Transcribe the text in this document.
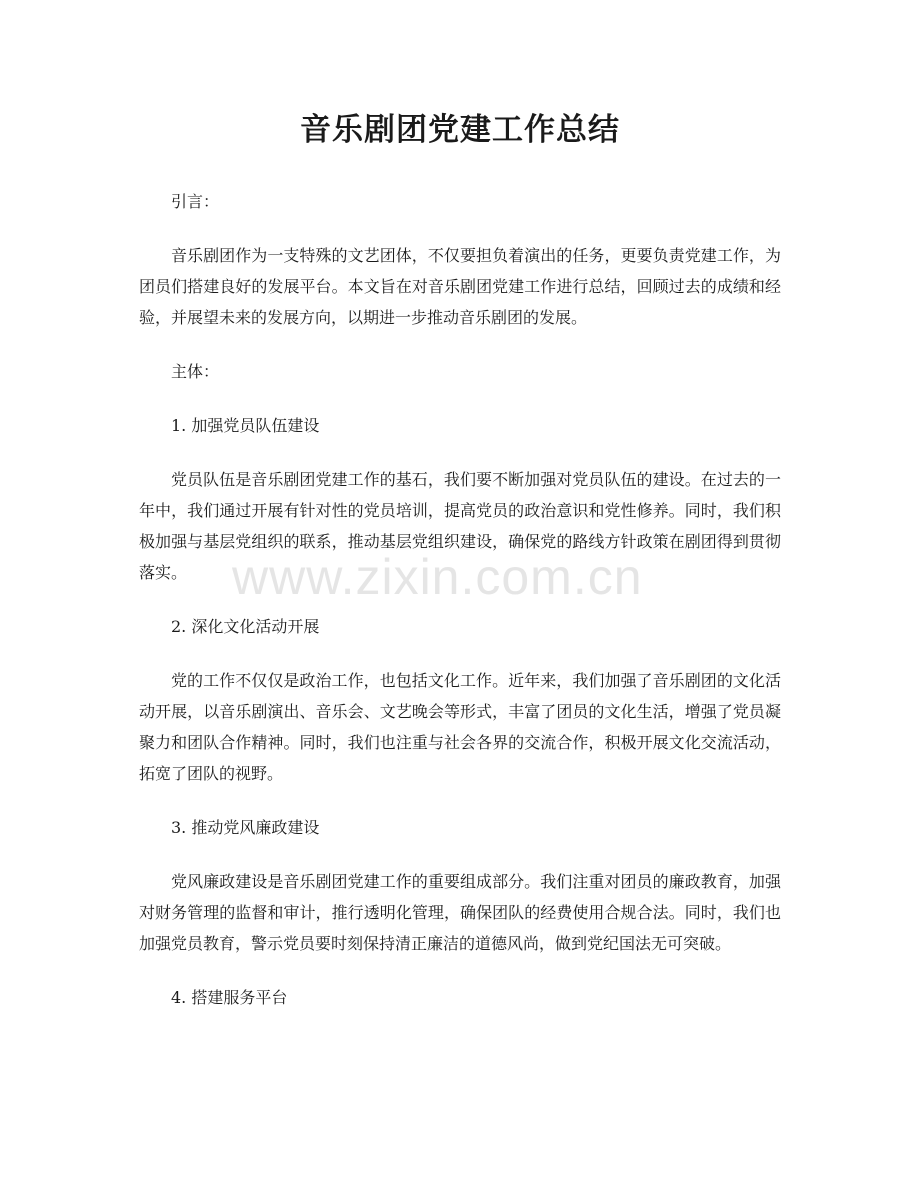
音乐剧团党建工作总结

引言：

音乐剧团作为一支特殊的文艺团体，不仅要担负着演出的任务，更要负责党建工作，为团员们搭建良好的发展平台。本文旨在对音乐剧团党建工作进行总结，回顾过去的成绩和经验，并展望未来的发展方向，以期进一步推动音乐剧团的发展。

主体：

1. 加强党员队伍建设

党员队伍是音乐剧团党建工作的基石，我们要不断加强对党员队伍的建设。在过去的一年中，我们通过开展有针对性的党员培训，提高党员的政治意识和党性修养。同时，我们积极加强与基层党组织的联系，推动基层党组织建设，确保党的路线方针政策在剧团得到贯彻落实。

2. 深化文化活动开展

党的工作不仅仅是政治工作，也包括文化工作。近年来，我们加强了音乐剧团的文化活动开展，以音乐剧演出、音乐会、文艺晚会等形式，丰富了团员的文化生活，增强了党员凝聚力和团队合作精神。同时，我们也注重与社会各界的交流合作，积极开展文化交流活动，拓宽了团队的视野。

3. 推动党风廉政建设

党风廉政建设是音乐剧团党建工作的重要组成部分。我们注重对团员的廉政教育，加强对财务管理的监督和审计，推行透明化管理，确保团队的经费使用合规合法。同时，我们也加强党员教育，警示党员要时刻保持清正廉洁的道德风尚，做到党纪国法无可突破。

4. 搭建服务平台

www.zixin.com.cn
